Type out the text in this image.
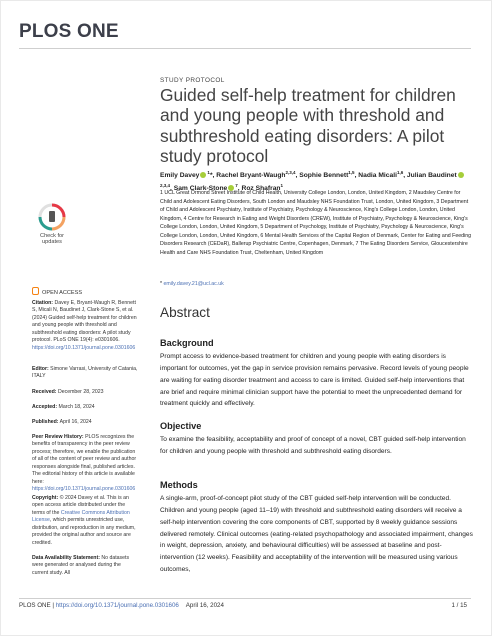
PLOS ONE
STUDY PROTOCOL
Guided self-help treatment for children and young people with threshold and subthreshold eating disorders: A pilot study protocol
Emily Davey $^1$*, Rachel Bryant-Waugh$^{2,3,4}$, Sophie Bennett$^{1,5}$, Nadia Micali$^{1,6}$, Julian Baudinet$^{2,3,4}$, Sam Clark-Stone $^7$, Roz Shafran$^1$
1 UCL Great Ormond Street Institute of Child Health, University College London, London, United Kingdom, 2 Maudsley Centre for Child and Adolescent Eating Disorders, South London and Maudsley NHS Foundation Trust, London, United Kingdom, 3 Department of Child and Adolescent Psychiatry, Institute of Psychiatry, Psychology & Neuroscience, King's College London, London, United Kingdom, 4 Centre for Research in Eating and Weight Disorders (CREW), Institute of Psychiatry, Psychology & Neuroscience, King's College London, London, United Kingdom, 5 Department of Psychology, Institute of Psychiatry, Psychology & Neuroscience, King's College London, London, United Kingdom, 6 Mental Health Services of the Capital Region of Denmark, Center for Eating and Feeding Disorders Research (CEDaR), Ballerup Psychiatric Centre, Copenhagen, Denmark, 7 The Eating Disorders Service, Gloucestershire Health and Care NHS Foundation Trust, Cheltenham, United Kingdom
* emily.davey.21@ucl.ac.uk
Abstract
Background
Prompt access to evidence-based treatment for children and young people with eating disorders is important for outcomes, yet the gap in service provision remains pervasive. Record levels of young people are waiting for eating disorder treatment and access to care is limited. Guided self-help interventions that are brief and require minimal clinician support have the potential to meet the unprecedented demand for treatment quickly and effectively.
Objective
To examine the feasibility, acceptability and proof of concept of a novel, CBT guided self-help intervention for children and young people with threshold and subthreshold eating disorders.
Methods
A single-arm, proof-of-concept pilot study of the CBT guided self-help intervention will be conducted. Children and young people (aged 11–19) with threshold and subthreshold eating disorders will receive a self-help intervention covering the core components of CBT, supported by 8 weekly guidance sessions delivered remotely. Clinical outcomes (eating-related psychopathology and associated impairment, changes in weight, depression, anxiety, and behavioural difficulties) will be assessed at baseline and post-intervention (12 weeks). Feasibility and acceptability of the intervention will be measured using various outcomes,
Check for
updates
OPEN ACCESS
Citation: Davey E, Bryant-Waugh R, Bennett S, Micali N, Baudinet J, Clark-Stone S, et al. (2024) Guided self-help treatment for children and young people with threshold and subthreshold eating disorders: A pilot study protocol. PLoS ONE 19(4): e0301606. https://doi.org/10.1371/journal.pone.0301606
Editor: Simone Varrasi, University of Catania, ITALY
Received: December 28, 2023
Accepted: March 18, 2024
Published: April 16, 2024
Peer Review History: PLOS recognizes the benefits of transparency in the peer review process; therefore, we enable the publication of all of the content of peer review and author responses alongside final, published articles. The editorial history of this article is available here: https://doi.org/10.1371/journal.pone.0301606
Copyright: © 2024 Davey et al. This is an open access article distributed under the terms of the Creative Commons Attribution License, which permits unrestricted use, distribution, and reproduction in any medium, provided the original author and source are credited.
Data Availability Statement: No datasets were generated or analysed during the current study. All
PLOS ONE | https://doi.org/10.1371/journal.pone.0301606 April 16, 2024	1 / 15
